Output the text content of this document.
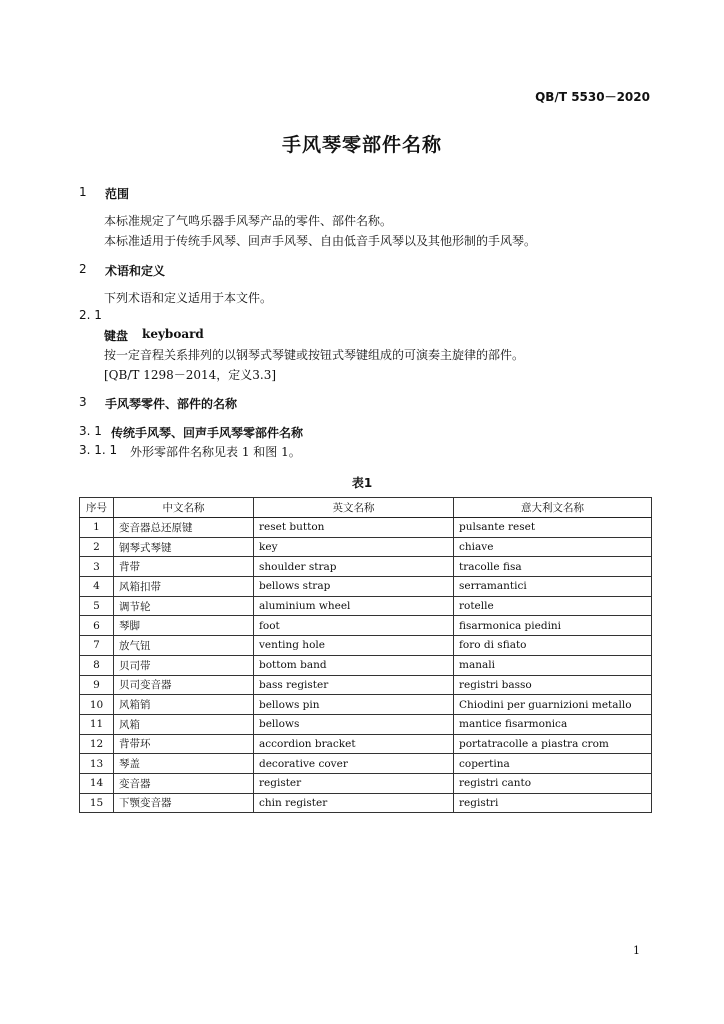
QB/T 5530－2020
手风琴零部件名称
1 范围
本标准规定了气鸣乐器手风琴产品的零件、部件名称。
本标准适用于传统手风琴、回声手风琴、自由低音手风琴以及其他形制的手风琴。
2 术语和定义
下列术语和定义适用于本文件。
2. 1
键盘 keyboard
按一定音程关系排列的以钢琴式琴键或按钮式琴键组成的可演奏主旋律的部件。
[QB/T 1298－2014，定义3.3]
3 手风琴零件、部件的名称
3. 1 传统手风琴、回声手风琴零部件名称
3. 1. 1 外形零部件名称见表 1 和图 1。
表1
序号	中文名称	英文名称	意大利文名称
1	变音器总还原键	reset button	pulsante reset
2	钢琴式琴键	key	chiave
3	背带	shoulder strap	tracolle fisa
4	风箱扣带	bellows strap	serramantici
5	调节轮	aluminium wheel	rotelle
6	琴脚	foot	fisarmonica piedini
7	放气钮	venting hole	foro di sfiato
8	贝司带	bottom band	manali
9	贝司变音器	bass register	registri basso
10	风箱销	bellows pin	Chiodini per guarnizioni metallo
11	风箱	bellows	mantice fisarmonica
12	背带环	accordion bracket	portatracolle a piastra crom
13	琴盖	decorative cover	copertina
14	变音器	register	registri canto
15	下颚变音器	chin register	registri
1
